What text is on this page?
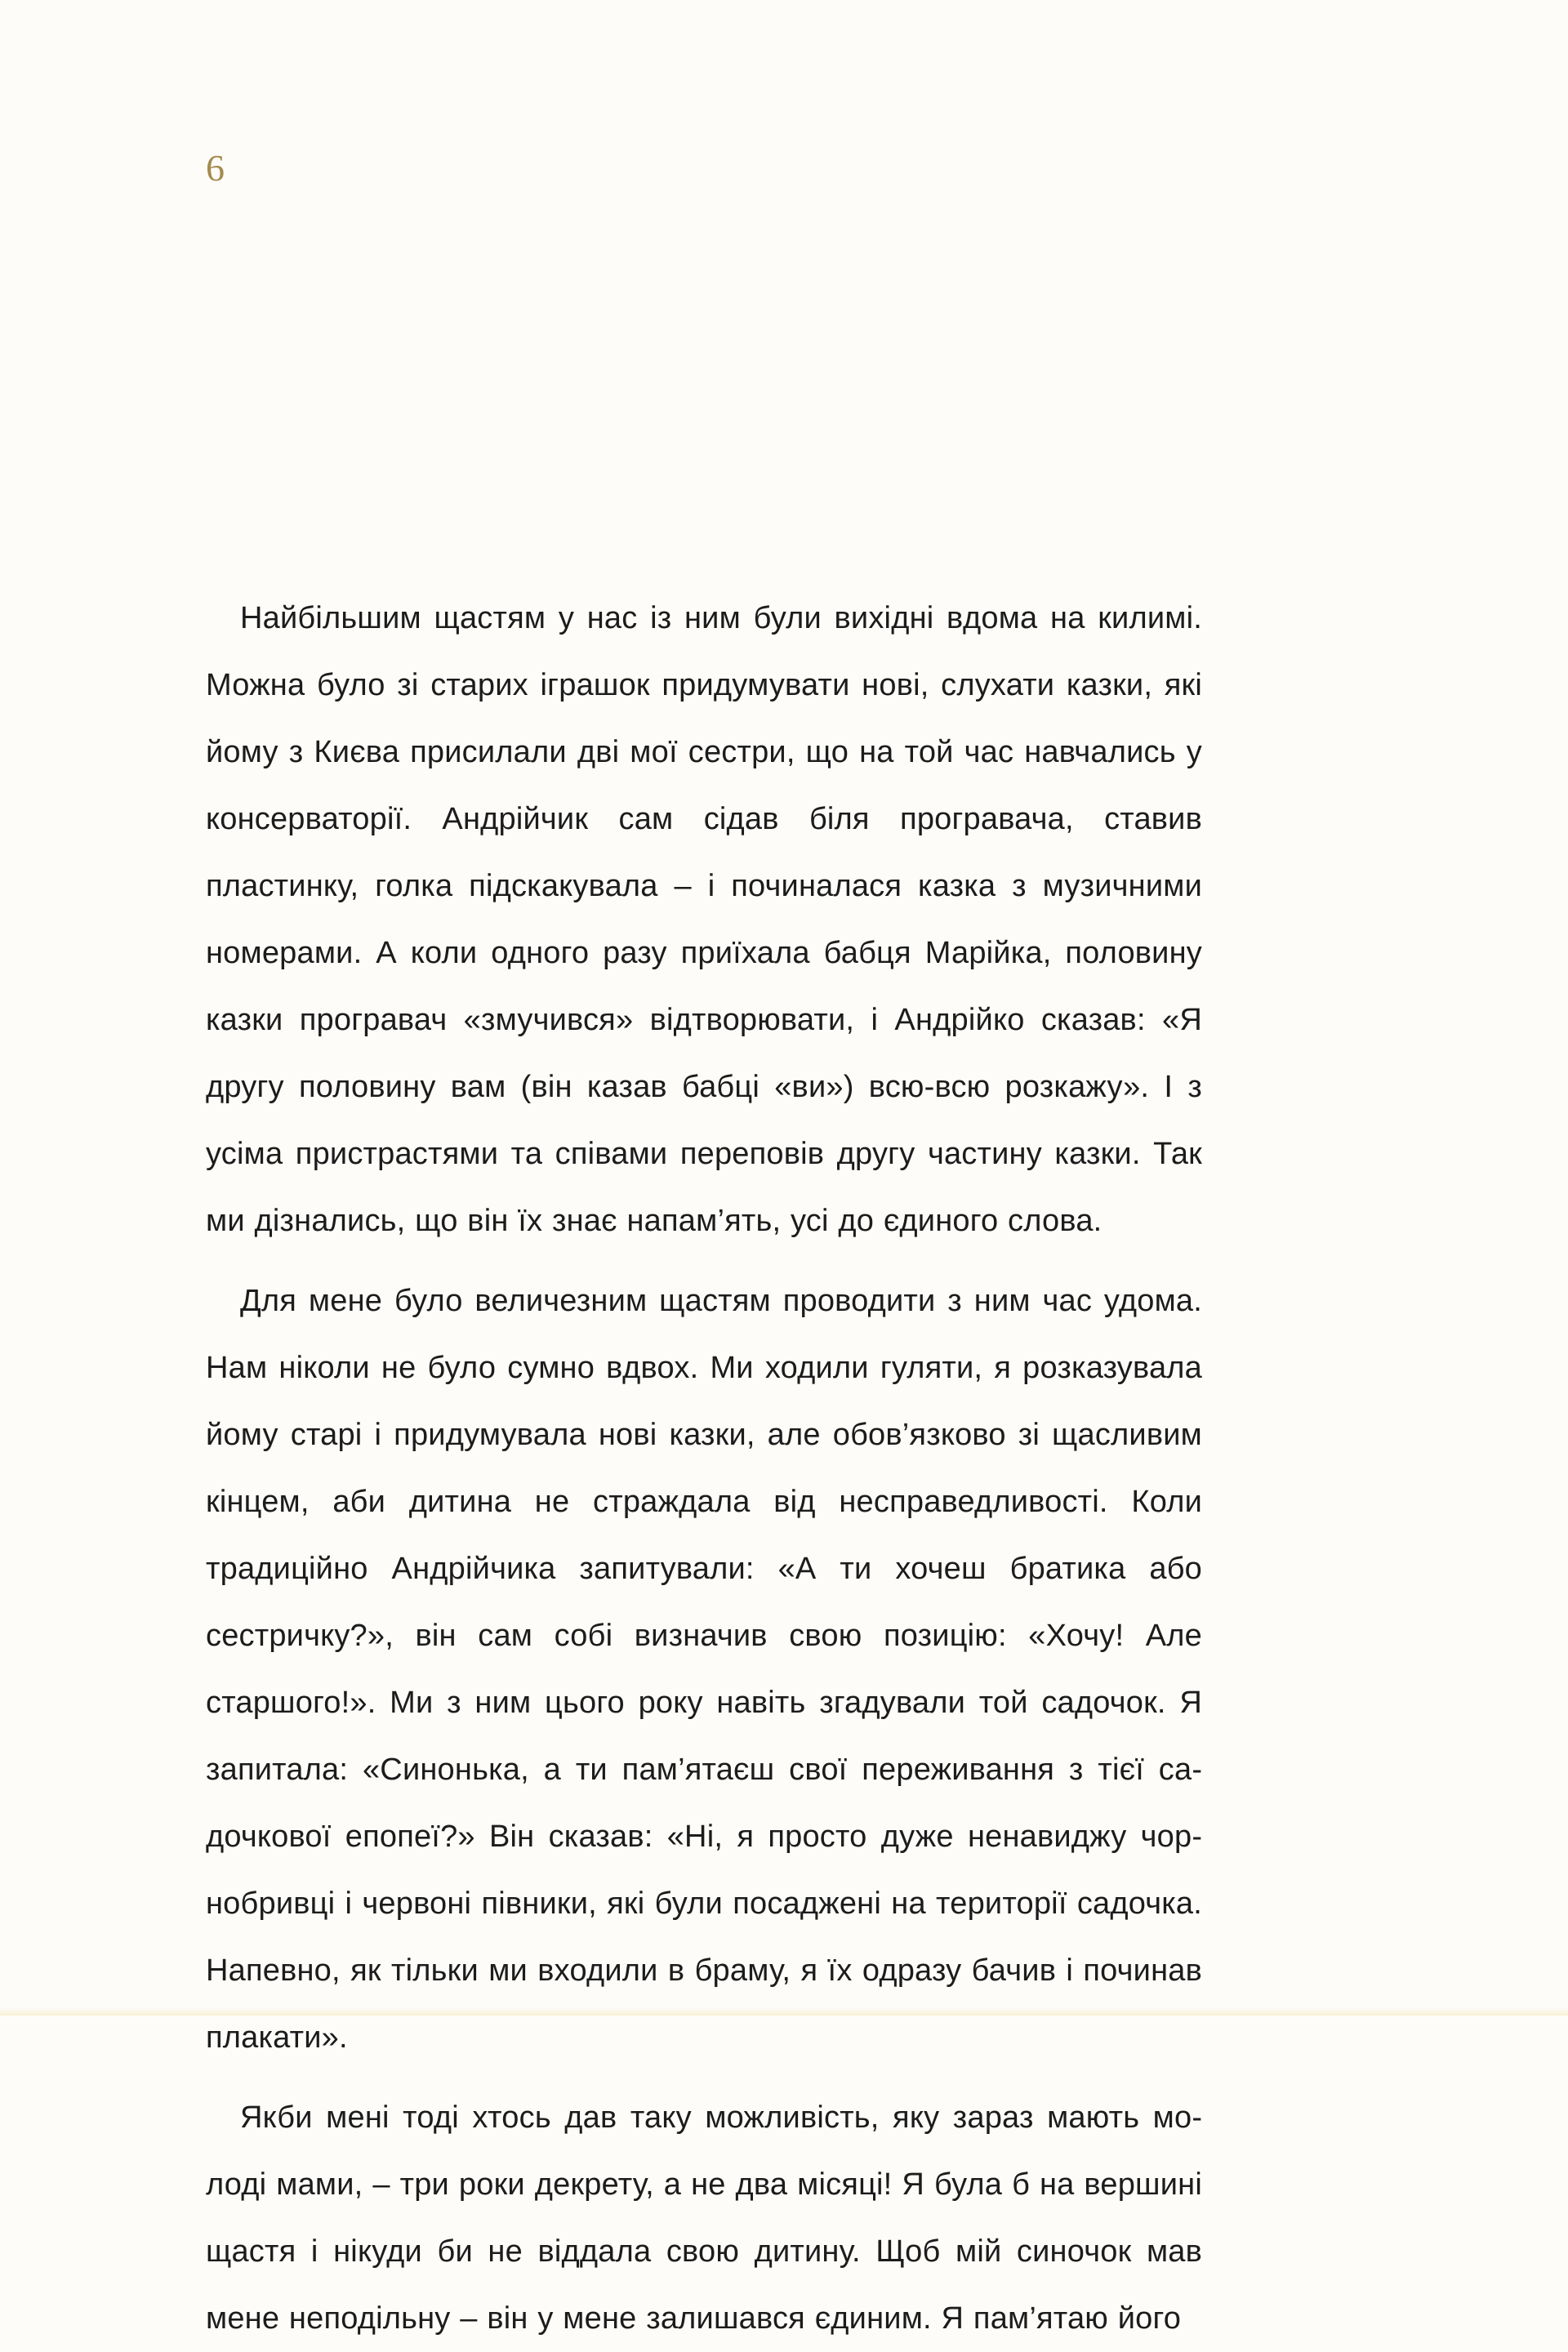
6

Найбільшим щастям у нас із ним були вихідні вдома на килимі. Можна було зі старих іграшок придумувати нові, слухати казки, які йому з Києва присилали дві мої сестри, що на той час навчались у консерваторії. Андрійчик сам сідав біля програвача, ставив пластинку, голка підскакувала – і починалася казка з музичними номерами. А коли одного разу приїхала бабця Марійка, половину казки програвач «змучився» відтворювати, і Андрійко сказав: «Я другу половину вам (він казав бабці «ви») всю-всю розкажу». І з усіма пристрастями та співами переповів другу частину казки. Так ми дізнались, що він їх знає напам’ять, усі до єдиного слова.

Для мене було величезним щастям проводити з ним час удома. Нам ніколи не було сумно вдвох. Ми ходили гуляти, я розказувала йому старі і придумувала нові казки, але обов’язково зі щасливим кінцем, аби дитина не страждала від несправедливості. Коли традиційно Андрійчика запитували: «А ти хочеш братика або сестричку?», він сам собі визначив свою позицію: «Хочу! Але старшого!». Ми з ним цього року навіть згадували той садочок. Я запитала: «Синонька, а ти пам’ятаєш свої переживання з тієї садочкової епопеї?» Він сказав: «Ні, я просто дуже ненавиджу чорнобривці і червоні півники, які були посаджені на території садочка. Напевно, як тільки ми входили в браму, я їх одразу бачив і починав плакати».

Якби мені тоді хтось дав таку можливість, яку зараз мають молоді мами, – три роки декрету, а не два місяці! Я була б на вершині щастя і нікуди би не віддала свою дитину. Щоб мій синочок мав мене неподільну – він у мене залишався єдиним. Я пам’ятаю його
